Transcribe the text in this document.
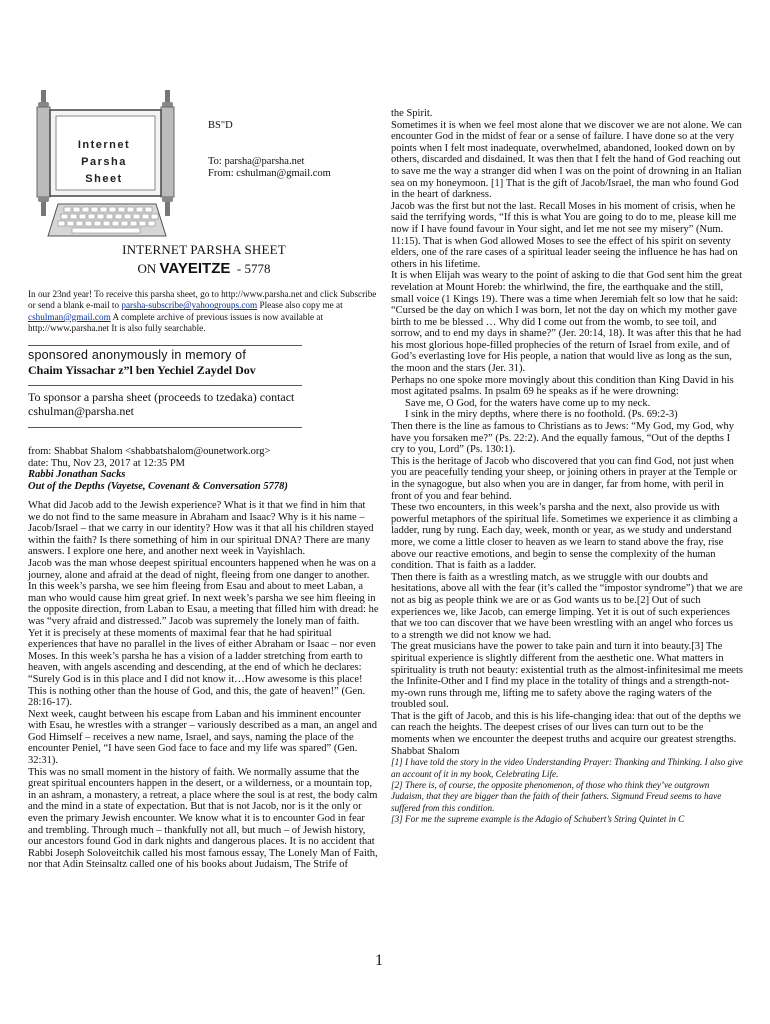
Internet
Parsha
Sheet
BS"D
To: parsha@parsha.net
From: cshulman@gmail.com
INTERNET PARSHA SHEET
ON VAYEITZE - 5778
In our 23nd year! To receive this parsha sheet, go to http://www.parsha.net and click Subscribe or send a blank e-mail to parsha-subscribe@yahoogroups.com Please also copy me at cshulman@gmail.com A complete archive of previous issues is now available at http://www.parsha.net It is also fully searchable.
sponsored anonymously in memory of
Chaim Yissachar z”l ben Yechiel Zaydel Dov
To sponsor a parsha sheet (proceeds to tzedaka) contact
cshulman@parsha.net
from: Shabbat Shalom <shabbatshalom@ounetwork.org>
date: Thu, Nov 23, 2017 at 12:35 PM
Rabbi Jonathan Sacks
Out of the Depths (Vayetse, Covenant & Conversation 5778)

What did Jacob add to the Jewish experience? What is it that we find in him that we do not find to the same measure in Abraham and Isaac? Why is it his name – Jacob/Israel – that we carry in our identity? How was it that all his children stayed within the faith? Is there something of him in our spiritual DNA? There are many answers. I explore one here, and another next week in Vayishlach.

Jacob was the man whose deepest spiritual encounters happened when he was on a journey, alone and afraid at the dead of night, fleeing from one danger to another. In this week’s parsha, we see him fleeing from Esau and about to meet Laban, a man who would cause him great grief. In next week’s parsha we see him fleeing in the opposite direction, from Laban to Esau, a meeting that filled him with dread: he was “very afraid and distressed.” Jacob was supremely the lonely man of faith.

Yet it is precisely at these moments of maximal fear that he had spiritual experiences that have no parallel in the lives of either Abraham or Isaac – nor even Moses. In this week’s parsha he has a vision of a ladder stretching from earth to heaven, with angels ascending and descending, at the end of which he declares: “Surely God is in this place and I did not know it…How awesome is this place! This is nothing other than the house of God, and this, the gate of heaven!” (Gen. 28:16-17).

Next week, caught between his escape from Laban and his imminent encounter with Esau, he wrestles with a stranger – variously described as a man, an angel and God Himself – receives a new name, Israel, and says, naming the place of the encounter Peniel, “I have seen God face to face and my life was spared” (Gen. 32:31).

This was no small moment in the history of faith. We normally assume that the great spiritual encounters happen in the desert, or a wilderness, or a mountain top, in an ashram, a monastery, a retreat, a place where the soul is at rest, the body calm and the mind in a state of expectation. But that is not Jacob, nor is it the only or even the primary Jewish encounter. We know what it is to encounter God in fear and trembling. Through much – thankfully not all, but much – of Jewish history, our ancestors found God in dark nights and dangerous places. It is no accident that Rabbi Joseph Soloveitchik called his most famous essay, The Lonely Man of Faith, nor that Adin Steinsaltz called one of his books about Judaism, The Strife of

the Spirit.

Sometimes it is when we feel most alone that we discover we are not alone. We can encounter God in the midst of fear or a sense of failure. I have done so at the very points when I felt most inadequate, overwhelmed, abandoned, looked down on by others, discarded and disdained. It was then that I felt the hand of God reaching out to save me the way a stranger did when I was on the point of drowning in an Italian sea on my honeymoon. [1] That is the gift of Jacob/Israel, the man who found God in the heart of darkness.

Jacob was the first but not the last. Recall Moses in his moment of crisis, when he said the terrifying words, “If this is what You are going to do to me, please kill me now if I have found favour in Your sight, and let me not see my misery” (Num. 11:15). That is when God allowed Moses to see the effect of his spirit on seventy elders, one of the rare cases of a spiritual leader seeing the influence he has had on others in his lifetime.

It is when Elijah was weary to the point of asking to die that God sent him the great revelation at Mount Horeb: the whirlwind, the fire, the earthquake and the still, small voice (1 Kings 19). There was a time when Jeremiah felt so low that he said: “Cursed be the day on which I was born, let not the day on which my mother gave birth to me be blessed … Why did I come out from the womb, to see toil, and sorrow, and to end my days in shame?” (Jer. 20:14, 18). It was after this that he had his most glorious hope-filled prophecies of the return of Israel from exile, and of God’s everlasting love for His people, a nation that would live as long as the sun, the moon and the stars (Jer. 31).

Perhaps no one spoke more movingly about this condition than King David in his most agitated psalms. In psalm 69 he speaks as if he were drowning:

Save me, O God, for the waters have come up to my neck.

I sink in the miry depths, where there is no foothold. (Ps. 69:2-3)

Then there is the line as famous to Christians as to Jews: “My God, my God, why have you forsaken me?” (Ps. 22:2). And the equally famous, “Out of the depths I cry to you, Lord” (Ps. 130:1).

This is the heritage of Jacob who discovered that you can find God, not just when you are peacefully tending your sheep, or joining others in prayer at the Temple or in the synagogue, but also when you are in danger, far from home, with peril in front of you and fear behind.

These two encounters, in this week’s parsha and the next, also provide us with powerful metaphors of the spiritual life. Sometimes we experience it as climbing a ladder, rung by rung. Each day, week, month or year, as we study and understand more, we come a little closer to heaven as we learn to stand above the fray, rise above our reactive emotions, and begin to sense the complexity of the human condition. That is faith as a ladder.

Then there is faith as a wrestling match, as we struggle with our doubts and hesitations, above all with the fear (it’s called the “impostor syndrome”) that we are not as big as people think we are or as God wants us to be.[2] Out of such experiences we, like Jacob, can emerge limping. Yet it is out of such experiences that we too can discover that we have been wrestling with an angel who forces us to a strength we did not know we had.

The great musicians have the power to take pain and turn it into beauty.[3] The spiritual experience is slightly different from the aesthetic one. What matters in spirituality is truth not beauty: existential truth as the almost-infinitesimal me meets the Infinite-Other and I find my place in the totality of things and a strength-not-my-own runs through me, lifting me to safety above the raging waters of the troubled soul.

That is the gift of Jacob, and this is his life-changing idea: that out of the depths we can reach the heights. The deepest crises of our lives can turn out to be the moments when we encounter the deepest truths and acquire our greatest strengths.

Shabbat Shalom

[1] I have told the story in the video Understanding Prayer: Thanking and Thinking. I also give an account of it in my book, Celebrating Life.

[2] There is, of course, the opposite phenomenon, of those who think they’ve outgrown Judaism, that they are bigger than the faith of their fathers. Sigmund Freud seems to have suffered from this condition.

[3] For me the supreme example is the Adagio of Schubert’s String Quintet in C

1
